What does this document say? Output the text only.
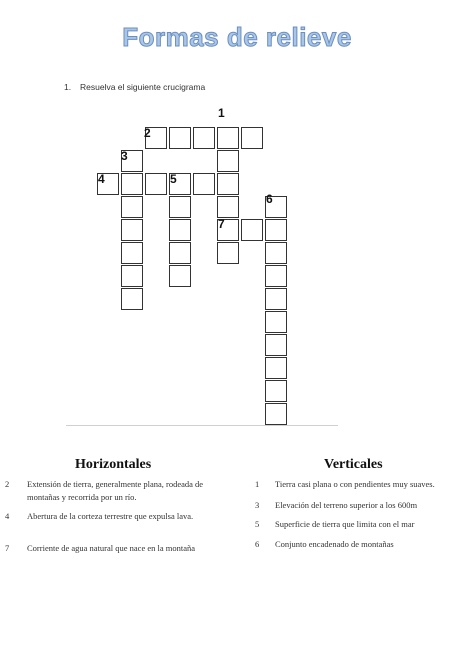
Formas de relieve
1. Resuelva el siguiente crucigrama
1
2
3
4	5
6
7
Horizontales	Verticales
2 Extensión de tierra, generalmente plana, rodeada de montañas y recorrida por un río.
4 Abertura de la corteza terrestre que expulsa lava.
7 Corriente de agua natural que nace en la montaña
1 Tierra casi plana o con pendientes muy suaves.
3 Elevación del terreno superior a los 600m
5 Superficie de tierra que limita con el mar
6 Conjunto encadenado de montañas
